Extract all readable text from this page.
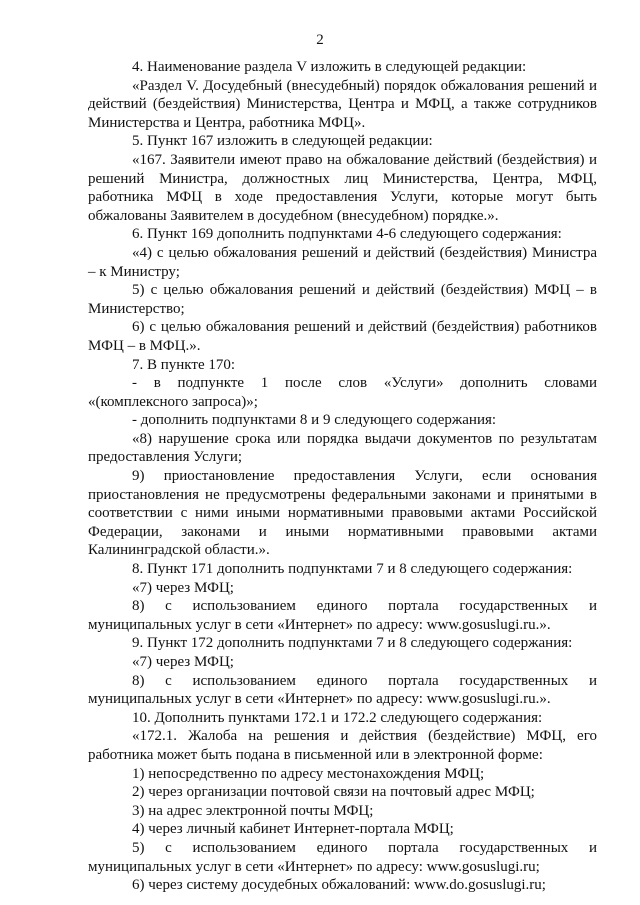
2

4. Наименование раздела V изложить в следующей редакции:

«Раздел V. Досудебный (внесудебный) порядок обжалования решений и действий (бездействия) Министерства, Центра и МФЦ, а также сотрудников Министерства и Центра, работника МФЦ».

5. Пункт 167 изложить в следующей редакции:

«167. Заявители имеют право на обжалование действий (бездействия) и решений Министра, должностных лиц Министерства, Центра, МФЦ, работника МФЦ в ходе предоставления Услуги, которые могут быть обжалованы Заявителем в досудебном (внесудебном) порядке.».

6. Пункт 169 дополнить подпунктами 4-6 следующего содержания:

«4) с целью обжалования решений и действий (бездействия) Министра – к Министру;

5) с целью обжалования решений и действий (бездействия) МФЦ – в Министерство;

6) с целью обжалования решений и действий (бездействия) работников МФЦ – в МФЦ.».

7. В пункте 170:

- в подпункте 1 после слов «Услуги» дополнить словами «(комплексного запроса)»;

- дополнить подпунктами 8 и 9 следующего содержания:

«8) нарушение срока или порядка выдачи документов по результатам предоставления Услуги;

9) приостановление предоставления Услуги, если основания приостановления не предусмотрены федеральными законами и принятыми в соответствии с ними иными нормативными правовыми актами Российской Федерации, законами и иными нормативными правовыми актами Калининградской области.».

8. Пункт 171 дополнить подпунктами 7 и 8 следующего содержания:

«7) через МФЦ;

8) с использованием единого портала государственных и муниципальных услуг в сети «Интернет» по адресу: www.gosuslugi.ru.».

9. Пункт 172 дополнить подпунктами 7 и 8 следующего содержания:

«7) через МФЦ;

8) с использованием единого портала государственных и муниципальных услуг в сети «Интернет» по адресу: www.gosuslugi.ru.».

10. Дополнить пунктами 172.1 и 172.2 следующего содержания:

«172.1. Жалоба на решения и действия (бездействие) МФЦ, его работника может быть подана в письменной или в электронной форме:

1) непосредственно по адресу местонахождения МФЦ;

2) через организации почтовой связи на почтовый адрес МФЦ;

3) на адрес электронной почты МФЦ;

4) через личный кабинет Интернет-портала МФЦ;

5) с использованием единого портала государственных и муниципальных услуг в сети «Интернет» по адресу: www.gosuslugi.ru;

6) через систему досудебных обжалований: www.do.gosuslugi.ru;
